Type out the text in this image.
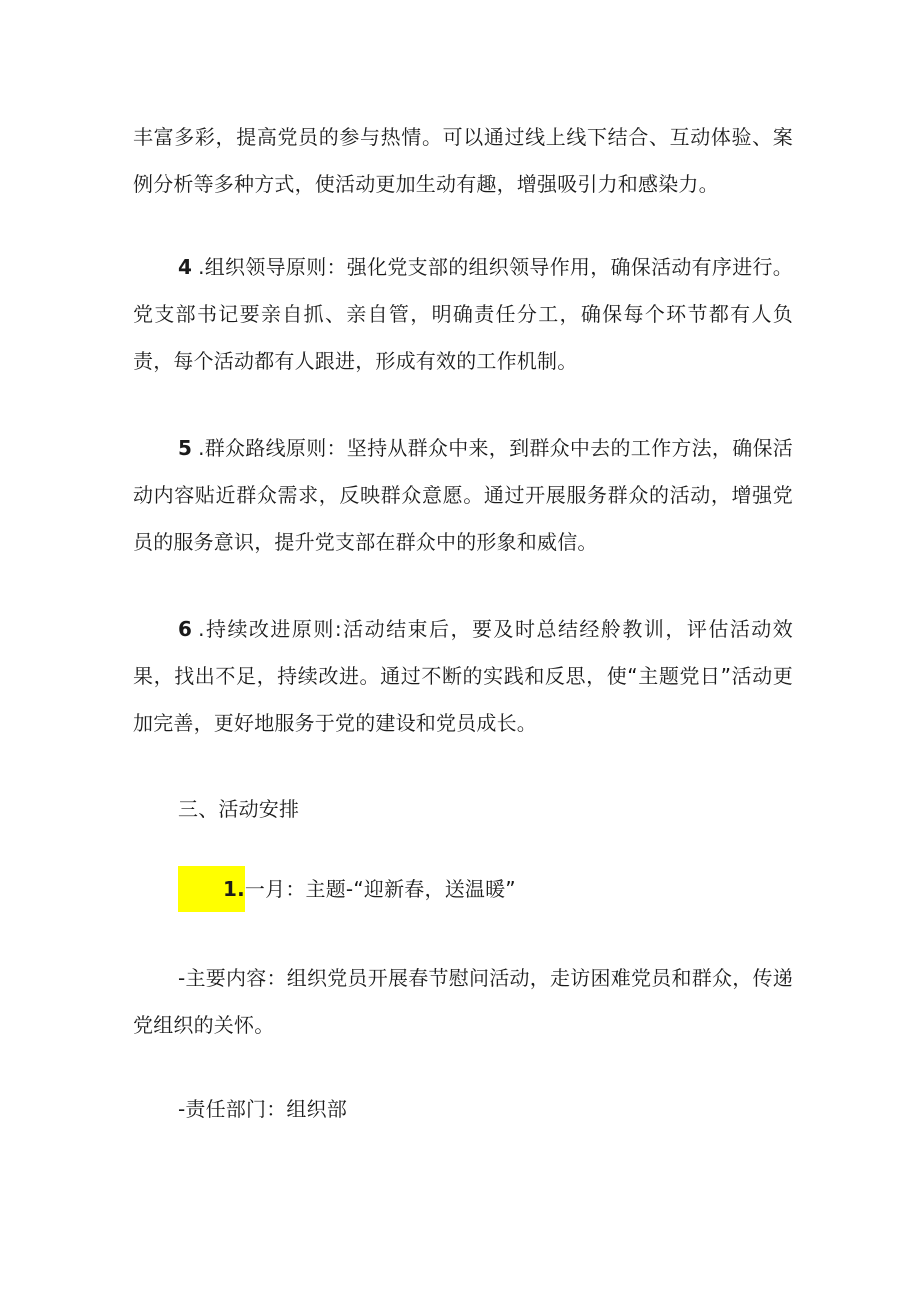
丰富多彩，提高党员的参与热情。可以通过线上线下结合、互动体验、案例分析等多种方式，使活动更加生动有趣，增强吸引力和感染力。

4 .组织领导原则：强化党支部的组织领导作用，确保活动有序进行。党支部书记要亲自抓、亲自管，明确责任分工，确保每个环节都有人负责，每个活动都有人跟进，形成有效的工作机制。

5 .群众路线原则：坚持从群众中来，到群众中去的工作方法，确保活动内容贴近群众需求，反映群众意愿。通过开展服务群众的活动，增强党员的服务意识，提升党支部在群众中的形象和威信。

6 .持续改进原则:活动结束后，要及时总结经舲教训，评估活动效果，找出不足，持续改进。通过不断的实践和反思，使“主题党日”活动更加完善，更好地服务于党的建设和党员成长。

三、活动安排

1.一月：主题-“迎新春，送温暖”

-主要内容：组织党员开展春节慰问活动，走访困难党员和群众，传递党组织的关怀。

-责任部门：组织部
